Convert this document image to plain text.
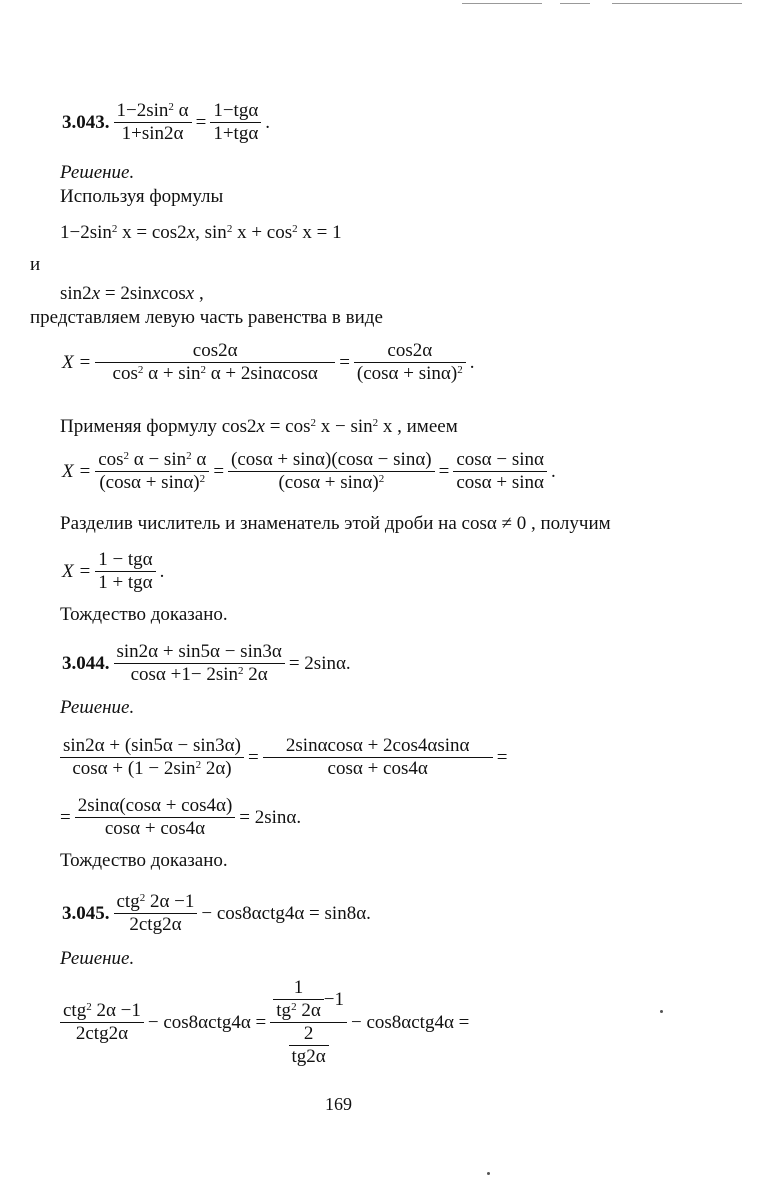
3.043. $\frac{1-2\sin^2 \alpha}{1+\sin 2\alpha} = \frac{\text{1−tgα}}{\text{1+tgα}}$ .
Решение.
Используя формулы
$1-2\sin^2$ x = cos2x, $\sin^2 x + \cos^2 x = 1$
и
sin2x = 2sinxcosx ,
представляем левую часть равенства в виде
$X = \frac{\cos 2\alpha}{\cos^2 \alpha + \sin^2 \alpha + 2\sin\alpha\cos\alpha} = \frac{\cos 2\alpha}{(\cos\alpha + \sin\alpha)^2}$ .
Применяя формулу $\cos 2x = \cos^2 x - \sin^2 x$ , имеем
$X = \frac{\cos^2 \alpha - \sin^2 \alpha}{(\cos\alpha + \sin\alpha)^2} = \frac{(\cos\alpha + \sin\alpha)(\cos\alpha - \sin\alpha)}{(\cos\alpha + \sin\alpha)^2} = \frac{\cos\alpha - \sin\alpha}{\cos\alpha + \sin\alpha}$ .
Разделив числитель и знаменатель этой дроби на cosα ≠ 0 , получим
$X = \frac{\text{1 − tgα}}{\text{1 + tgα}}$ .
Тождество доказано.
3.044. $\frac{\sin 2\alpha + \sin 5\alpha - \sin 3\alpha}{\cos\alpha +1- 2\sin^2 2\alpha} = 2\sin\alpha$.
Решение.
$\frac{\sin 2\alpha + (\sin 5\alpha - \sin 3\alpha)}{\cos\alpha + (1 - 2\sin^2 2\alpha)} = \frac{2\sin\alpha\cos\alpha + 2\cos 4\alpha\sin\alpha}{\cos\alpha + \cos 4\alpha}$ =
= $\frac{2\sin\alpha(\cos\alpha + \cos 4\alpha)}{\cos\alpha + \cos 4\alpha} = 2\sin\alpha$.
Тождество доказано.
3.045. $\frac{ctg^2 2\alpha -1}{\text{2ctg2α}} - \cos 8\alpha ctg4\alpha = \sin 8\alpha$.
Решение.
$\frac{ctg^2 2\alpha -1}{\text{2ctg2α}} - \cos 8\alpha ctg4\alpha = \frac{\frac{1}{tg^2 2\alpha} -1}{\frac{2}{tg2\alpha}} - \cos 8\alpha ctg4\alpha$ =
169
